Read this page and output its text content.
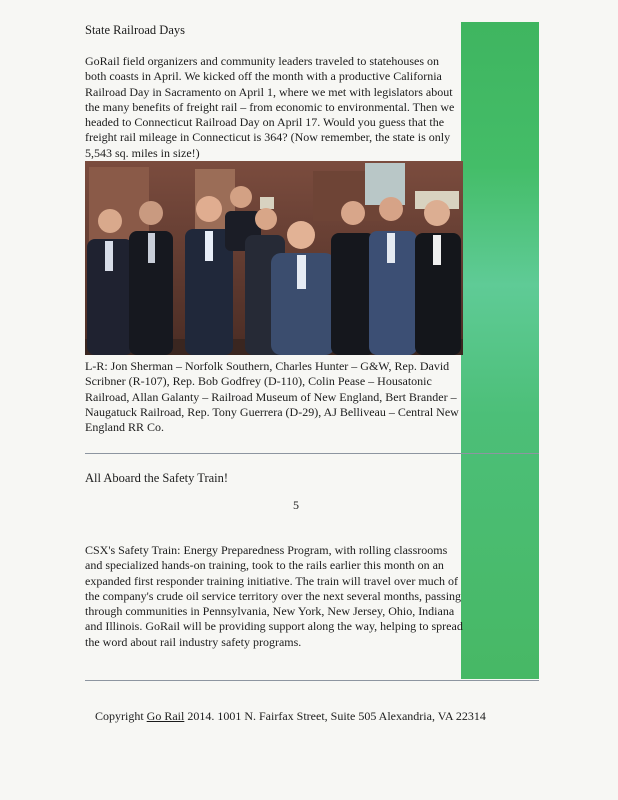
State Railroad Days
GoRail field organizers and community leaders traveled to statehouses on both coasts in April. We kicked off the month with a productive California Railroad Day in Sacramento on April 1, where we met with legislators about the many benefits of freight rail – from economic to environmental. Then we headed to Connecticut Railroad Day on April 17. Would you guess that the freight rail mileage in Connecticut is 364? (Now remember, the state is only 5,543 sq. miles in size!)
L-R: Jon Sherman – Norfolk Southern, Charles Hunter – G&W, Rep. David Scribner (R-107), Rep. Bob Godfrey (D-110), Colin Pease – Housatonic Railroad, Allan Galanty – Railroad Museum of New England, Bert Brander – Naugatuck Railroad, Rep. Tony Guerrera (D-29), AJ Belliveau – Central New England RR Co.
All Aboard the Safety Train!
5
CSX's Safety Train: Energy Preparedness Program, with rolling classrooms and specialized hands-on training, took to the rails earlier this month on an expanded first responder training initiative. The train will travel over much of the company's crude oil service territory over the next several months, passing through communities in Pennsylvania, New York, New Jersey, Ohio, Indiana and Illinois. GoRail will be providing support along the way, helping to spread the word about rail industry safety programs.
Copyright Go Rail 2014. 1001 N. Fairfax Street, Suite 505 Alexandria, VA 22314
